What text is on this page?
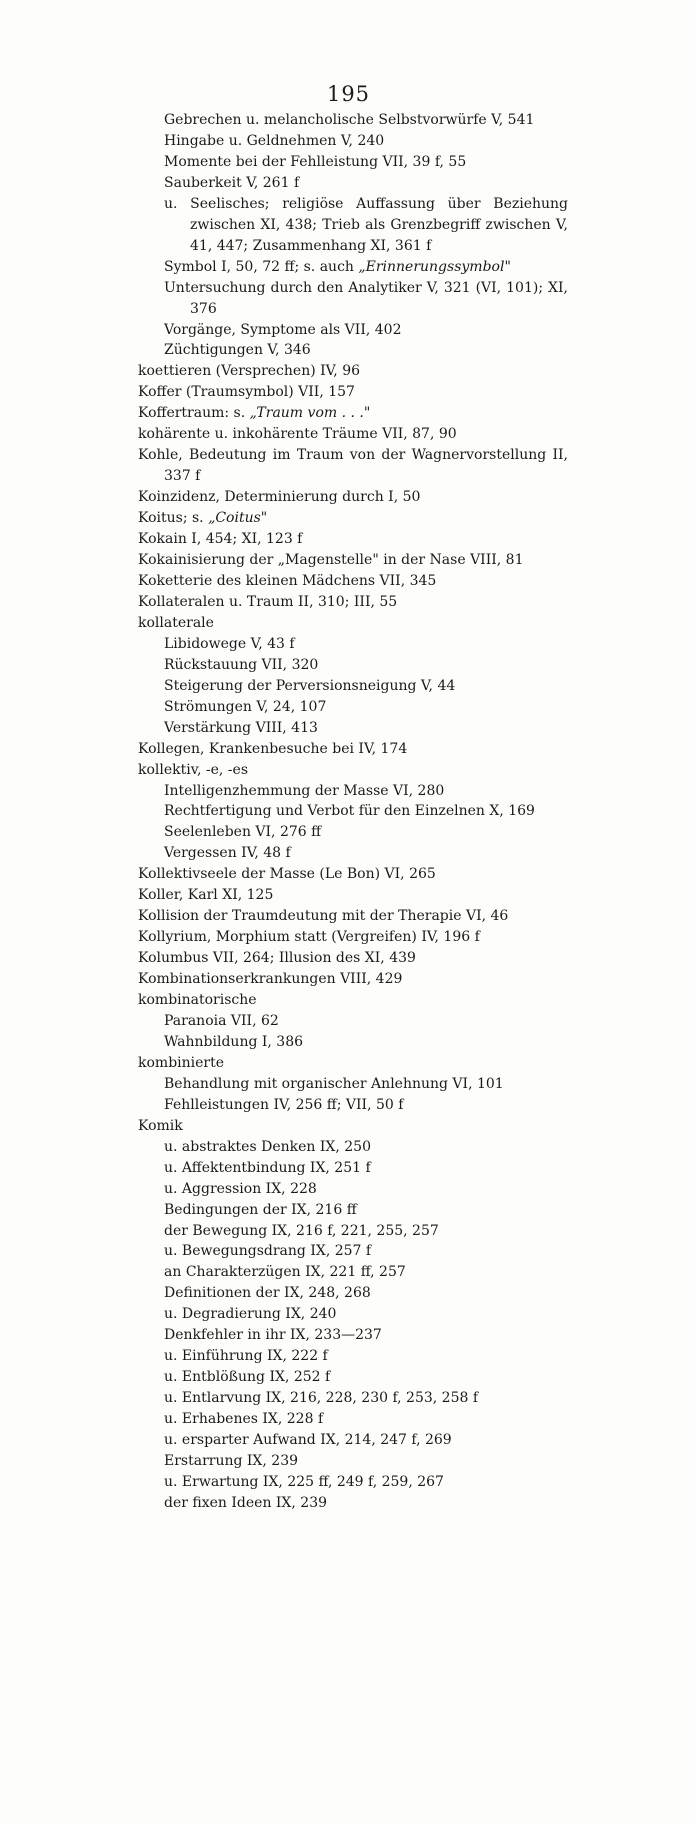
195
Gebrechen u. melancholische Selbstvorwürfe V, 541
Hingabe u. Geldnehmen V, 240
Momente bei der Fehlleistung VII, 39 f, 55
Sauberkeit V, 261 f
u. Seelisches; religiöse Auffassung über Beziehung zwischen XI, 438; Trieb als Grenzbegriff zwischen V, 41, 447; Zusammenhang XI, 361 f
Symbol I, 50, 72 ff; s. auch „Erinnerungssymbol"
Untersuchung durch den Analytiker V, 321 (VI, 101); XI, 376
Vorgänge, Symptome als VII, 402
Züchtigungen V, 346
koettieren (Versprechen) IV, 96
Koffer (Traumsymbol) VII, 157
Koffertraum: s. „Traum vom . . ."
kohärente u. inkohärente Träume VII, 87, 90
Kohle, Bedeutung im Traum von der Wagnervorstellung II, 337 f
Koinzidenz, Determinierung durch I, 50
Koitus; s. „Coitus"
Kokain I, 454; XI, 123 f
Kokainisierung der „Magenstelle" in der Nase VIII, 81
Koketterie des kleinen Mädchens VII, 345
Kollateralen u. Traum II, 310; III, 55
kollaterale
Libidowege V, 43 f
Rückstauung VII, 320
Steigerung der Perversionsneigung V, 44
Strömungen V, 24, 107
Verstärkung VIII, 413
Kollegen, Krankenbesuche bei IV, 174
kollektiv, -e, -es
Intelligenzhemmung der Masse VI, 280
Rechtfertigung und Verbot für den Einzelnen X, 169
Seelenleben VI, 276 ff
Vergessen IV, 48 f
Kollektivseele der Masse (Le Bon) VI, 265
Koller, Karl XI, 125
Kollision der Traumdeutung mit der Therapie VI, 46
Kollyrium, Morphium statt (Vergreifen) IV, 196 f
Kolumbus VII, 264; Illusion des XI, 439
Kombinationserkrankungen VIII, 429
kombinatorische
Paranoia VII, 62
Wahnbildung I, 386
kombinierte
Behandlung mit organischer Anlehnung VI, 101
Fehlleistungen IV, 256 ff; VII, 50 f
Komik
u. abstraktes Denken IX, 250
u. Affektentbindung IX, 251 f
u. Aggression IX, 228
Bedingungen der IX, 216 ff
der Bewegung IX, 216 f, 221, 255, 257
u. Bewegungsdrang IX, 257 f
an Charakterzügen IX, 221 ff, 257
Definitionen der IX, 248, 268
u. Degradierung IX, 240
Denkfehler in ihr IX, 233—237
u. Einführung IX, 222 f
u. Entblößung IX, 252 f
u. Entlarvung IX, 216, 228, 230 f, 253, 258 f
u. Erhabenes IX, 228 f
u. ersparter Aufwand IX, 214, 247 f, 269
Erstarrung IX, 239
u. Erwartung IX, 225 ff, 249 f, 259, 267
der fixen Ideen IX, 239
